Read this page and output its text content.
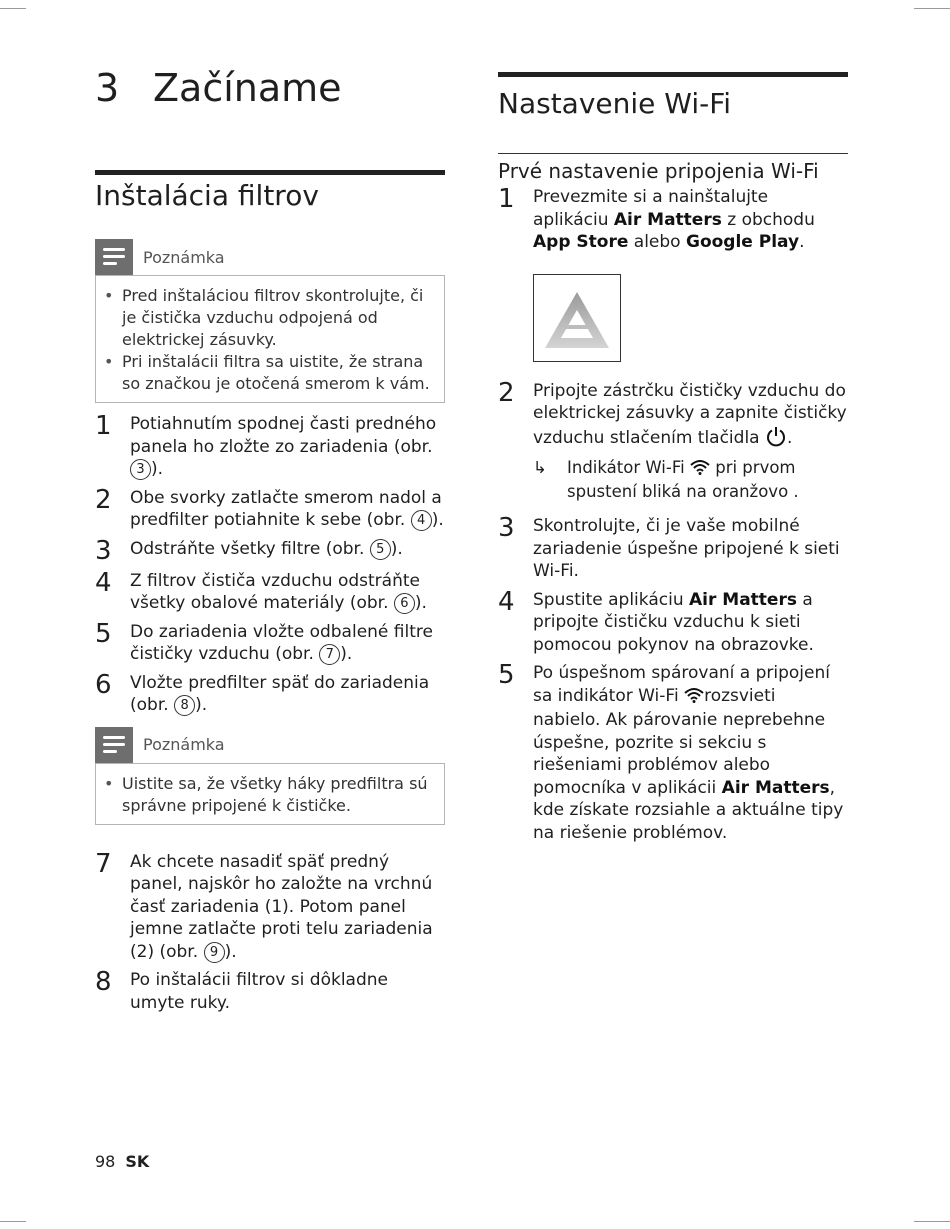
3 Začíname
Inštalácia filtrov
Poznámka
• Pred inštaláciou filtrov skontrolujte, či je čistička vzduchu odpojená od elektrickej zásuvky.
• Pri inštalácii filtra sa uistite, že strana so značkou je otočená smerom k vám.
1	Potiahnutím spodnej časti predného panela ho zložte zo zariadenia (obr. 3 ).
2	Obe svorky zatlačte smerom nadol a predfilter potiahnite k sebe (obr. 4 ).
3	Odstráňte všetky filtre (obr. 5 ).
4	Z filtrov čističa vzduchu odstráňte všetky obalové materiály (obr. 6 ).
5	Do zariadenia vložte odbalené filtre čističky vzduchu (obr. 7 ).
6	Vložte predfilter späť do zariadenia (obr. 8 ).
Poznámka
• Uistite sa, že všetky háky predfiltra sú správne pripojené k čističke.
7	Ak chcete nasadiť späť predný panel, najskôr ho založte na vrchnú časť zariadenia (1). Potom panel jemne zatlačte proti telu zariadenia (2) (obr. 9 ).
8	Po inštalácii filtrov si dôkladne umyte ruky.
Nastavenie Wi-Fi
Prvé nastavenie pripojenia Wi-Fi
1	Prevezmite si a nainštalujte aplikáciu Air Matters z obchodu App Store alebo Google Play.
2	Pripojte zástrčku čističky vzduchu do elektrickej zásuvky a zapnite čističky vzduchu stlačením tlačidla .
↳	Indikátor Wi-Fi pri prvom spustení bliká na oranžovo .
3	Skontrolujte, či je vaše mobilné zariadenie úspešne pripojené k sieti Wi-Fi.
4	Spustite aplikáciu Air Matters a pripojte čističku vzduchu k sieti pomocou pokynov na obrazovke.
5	Po úspešnom spárovaní a pripojení sa indikátor Wi-Fi rozsvieti nabielo. Ak párovanie neprebehne úspešne, pozrite si sekciu s riešeniami problémov alebo pomocníka v aplikácii Air Matters, kde získate rozsiahle a aktuálne tipy na riešenie problémov.
98 SK
